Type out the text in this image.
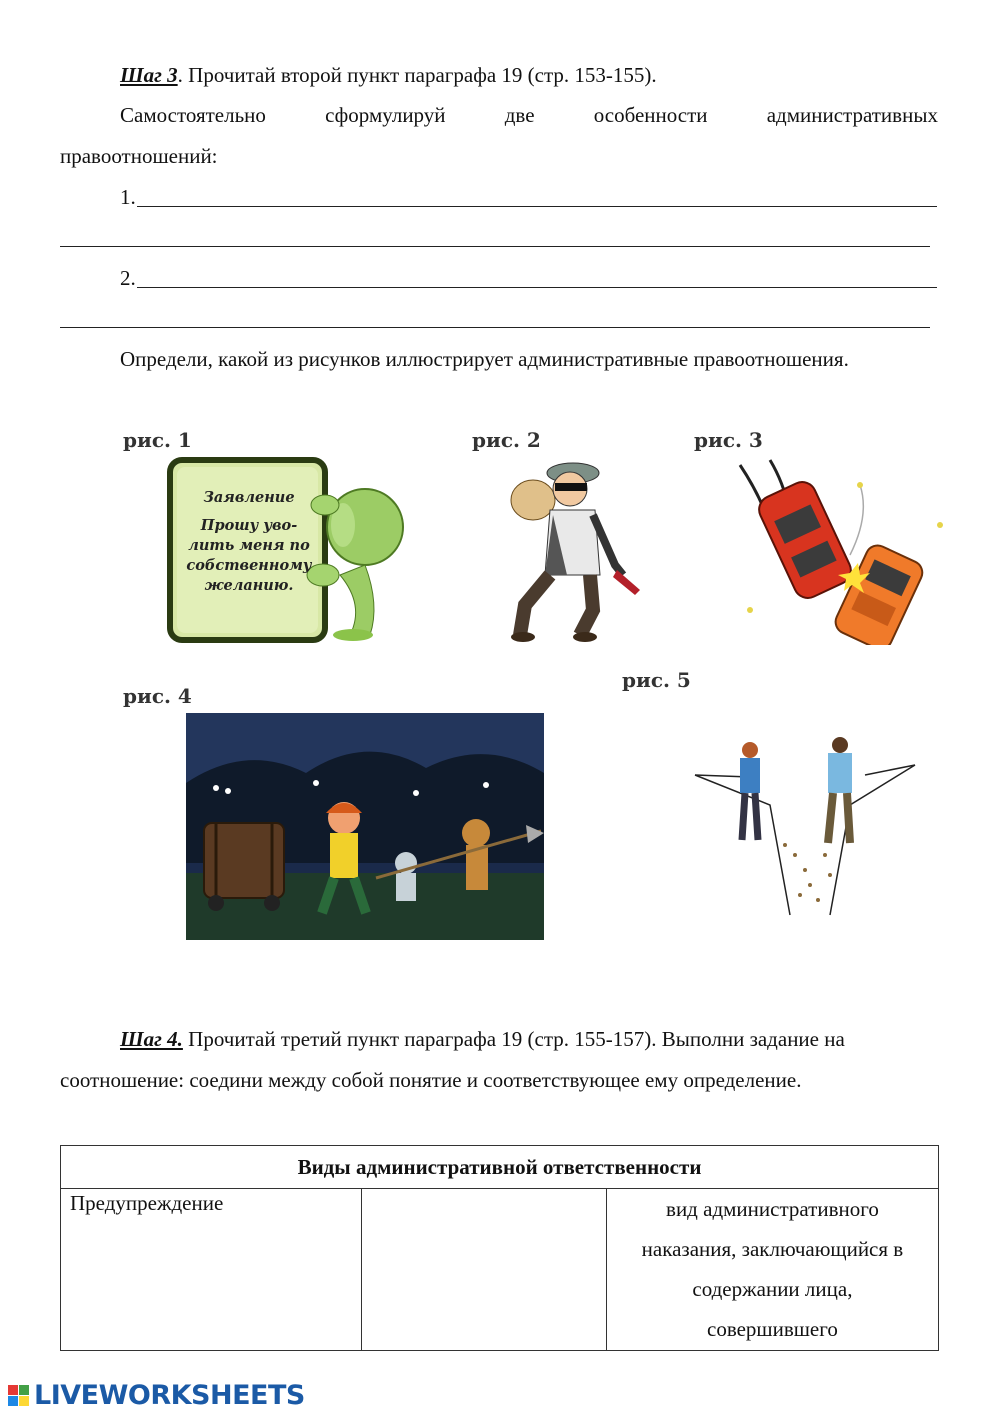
Шаг 3. Прочитай второй пункт параграфа 19 (стр. 153-155).
Самостоятельно	сформулируй	две	особенности	административных
правоотношений:
1.
2.
Определи, какой из рисунков иллюстрирует административные правоотношения.
рис. 1	рис. 2	рис. 3
рис. 4
рис. 5
Заявление
Прошу уво-
лить меня по
собственному
желанию.
Шаг 4. Прочитай третий пункт параграфа 19 (стр. 155-157). Выполни задание на
соотношение: соедини между собой понятие и соответствующее ему определение.
Виды административной ответственности
Предупреждение		вид административного
наказания, заключающийся в
содержании лица,
совершившего
LIVEWORKSHEETS
